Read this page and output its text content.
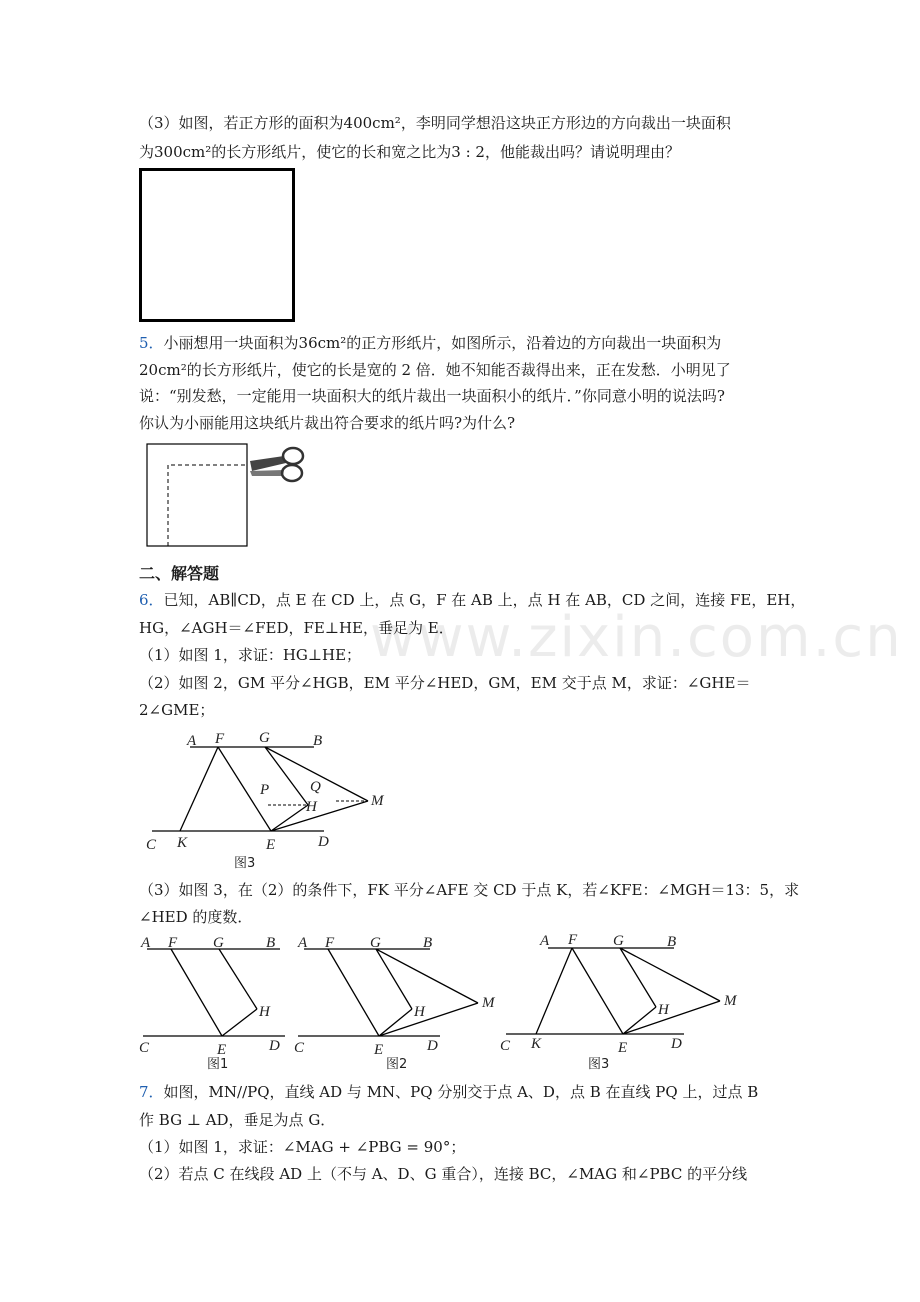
www.zixin.com.cn
（3）如图，若正方形的面积为400cm²，李明同学想沿这块正方形边的方向裁出一块面积
为300cm²的长方形纸片，使它的长和宽之比为3 : 2，他能裁出吗？请说明理由？
5．小丽想用一块面积为36cm²的正方形纸片，如图所示，沿着边的方向裁出一块面积为
20cm²的长方形纸片，使它的长是宽的 2 倍．她不知能否裁得出来，正在发愁．小明见了
说：“别发愁，一定能用一块面积大的纸片裁出一块面积小的纸片．”你同意小明的说法吗?
你认为小丽能用这块纸片裁出符合要求的纸片吗?为什么?
二、解答题
6．已知，AB∥CD，点 E 在 CD 上，点 G，F 在 AB 上，点 H 在 AB，CD 之间，连接 FE，EH，
HG，∠AGH＝∠FED，FE⊥HE，垂足为 E．
（1）如图 1，求证：HG⊥HE；
（2）如图 2，GM 平分∠HGB，EM 平分∠HED，GM，EM 交于点 M，求证：∠GHE＝
2∠GME；
A F G	B
P	Q
H	M
C K	E	D
图3
（3）如图 3，在（2）的条件下，FK 平分∠AFE 交 CD 于点 K，若∠KFE：∠MGH＝13：5，求
∠HED 的度数．
A F G	B
H
C	E	D
图1
A F G	B
H
M
C	E	D
图2
A F G	B
H
M
C K	E	D
图3
7．如图，MN//PQ，直线 AD 与 MN、PQ 分别交于点 A、D，点 B 在直线 PQ 上，过点 B
作 BG ⊥ AD，垂足为点 G．
（1）如图 1，求证：∠MAG + ∠PBG = 90°；
（2）若点 C 在线段 AD 上（不与 A、D、G 重合），连接 BC，∠MAG 和∠PBC 的平分线
